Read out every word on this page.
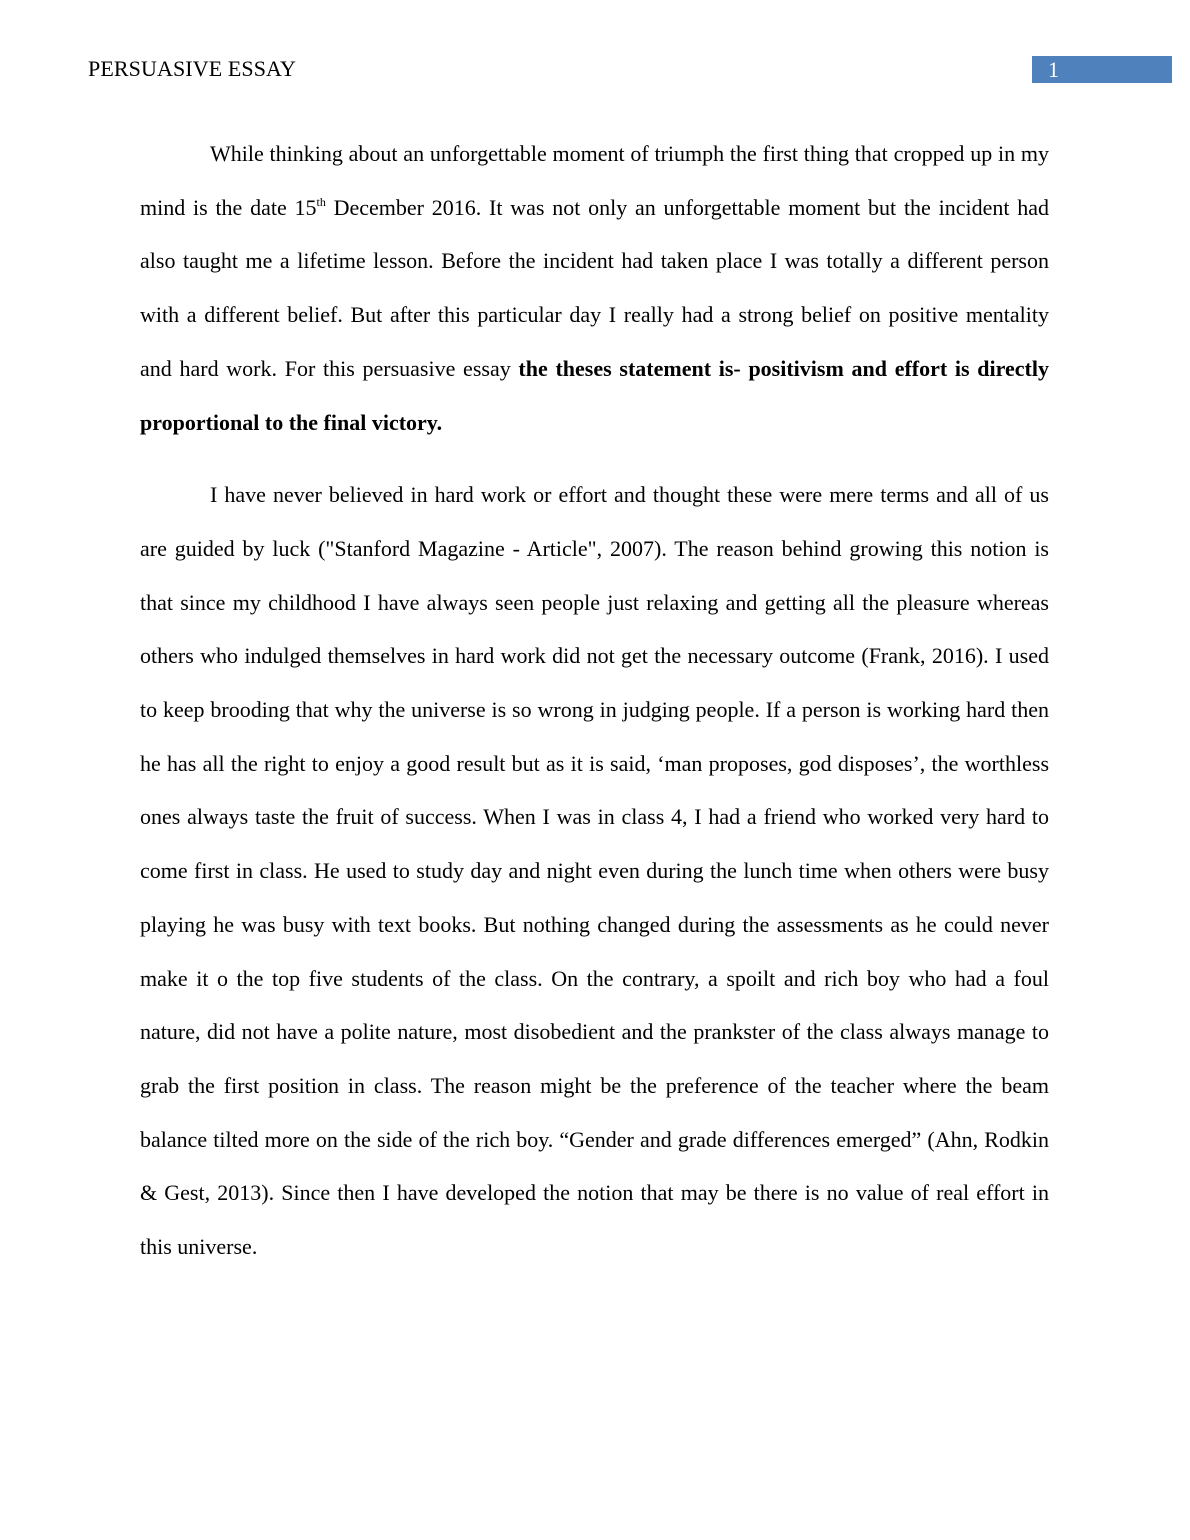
PERSUASIVE ESSAY	1

While thinking about an unforgettable moment of triumph the first thing that cropped up in my mind is the date 15th December 2016. It was not only an unforgettable moment but the incident had also taught me a lifetime lesson. Before the incident had taken place I was totally a different person with a different belief. But after this particular day I really had a strong belief on positive mentality and hard work. For this persuasive essay the theses statement is- positivism and effort is directly proportional to the final victory.

I have never believed in hard work or effort and thought these were mere terms and all of us are guided by luck ("Stanford Magazine - Article", 2007). The reason behind growing this notion is that since my childhood I have always seen people just relaxing and getting all the pleasure whereas others who indulged themselves in hard work did not get the necessary outcome (Frank, 2016). I used to keep brooding that why the universe is so wrong in judging people. If a person is working hard then he has all the right to enjoy a good result but as it is said, ‘man proposes, god disposes’, the worthless ones always taste the fruit of success. When I was in class 4, I had a friend who worked very hard to come first in class. He used to study day and night even during the lunch time when others were busy playing he was busy with text books. But nothing changed during the assessments as he could never make it o the top five students of the class. On the contrary, a spoilt and rich boy who had a foul nature, did not have a polite nature, most disobedient and the prankster of the class always manage to grab the first position in class. The reason might be the preference of the teacher where the beam balance tilted more on the side of the rich boy. “Gender and grade differences emerged” (Ahn, Rodkin & Gest, 2013). Since then I have developed the notion that may be there is no value of real effort in this universe.
